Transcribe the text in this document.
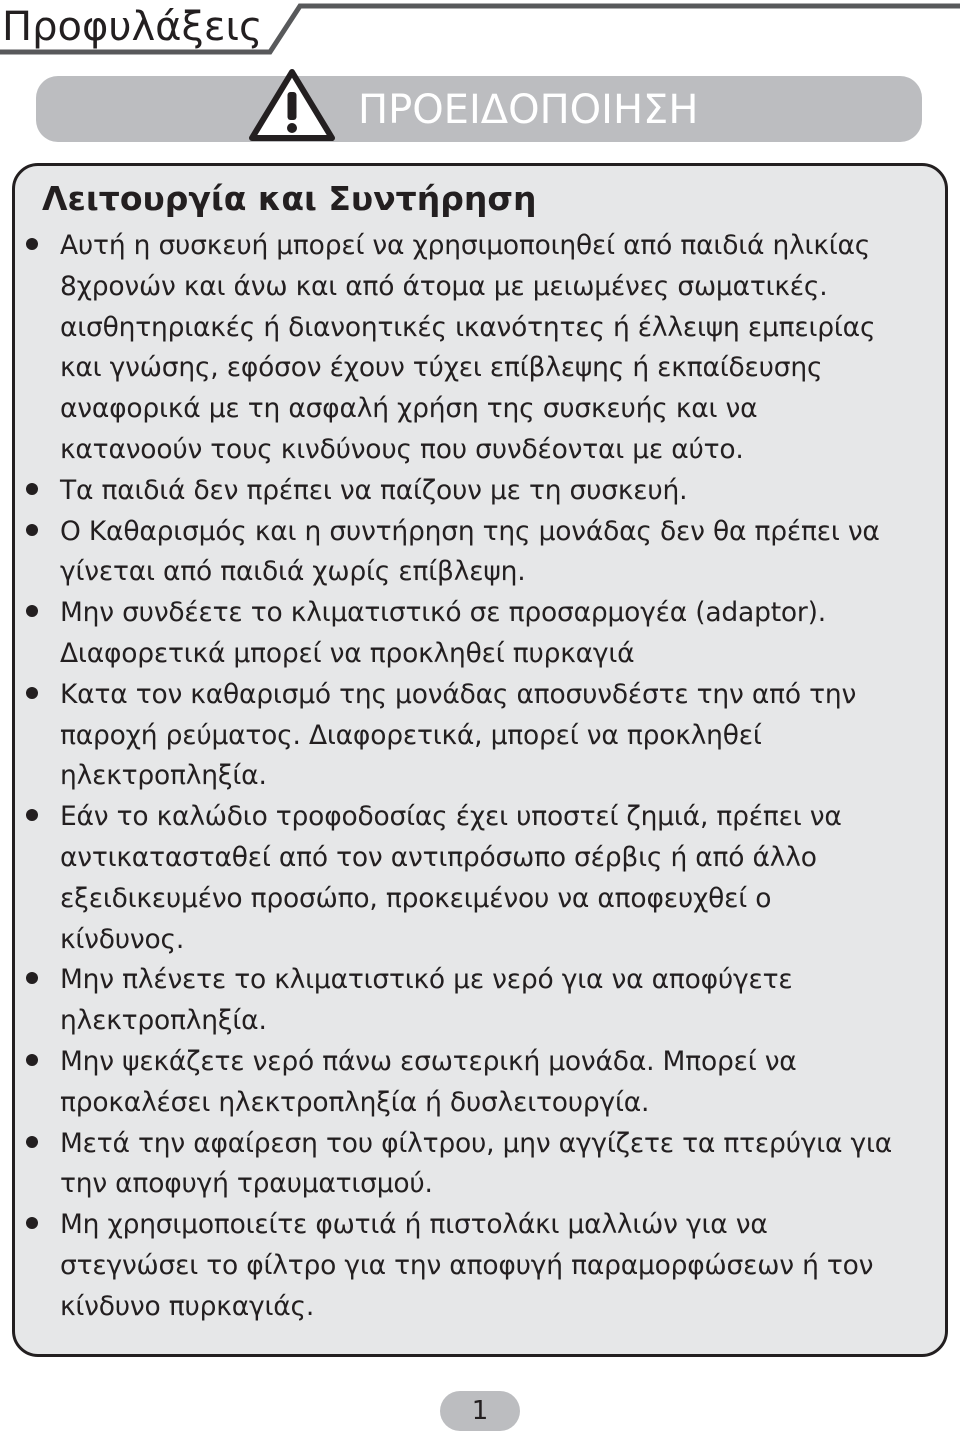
Προφυλάξεις
ΠΡΟΕΙΔΟΠΟΙΗΣΗ
Λειτουργία και Συντήρηση
Αυτή η συσκευή μπορεί να χρησιμοποιηθεί από παιδιά ηλικίας
8χρονών και άνω και από άτομα με μειωμένες σωματικές.
αισθητηριακές ή διανοητικές ικανότητες ή έλλειψη εμπειρίας
και γνώσης, εφόσον έχουν τύχει επίβλεψης ή εκπαίδευσης
αναφορικά με τη ασφαλή χρήση της συσκευής και να
κατανοούν τους κινδύνους που συνδέονται με αύτο.
Τα παιδιά δεν πρέπει να παίζουν με τη συσκευή.
Ο Καθαρισμός και η συντήρηση της μονάδας δεν θα πρέπει να
γίνεται από παιδιά χωρίς επίβλεψη.
Μην συνδέετε το κλιματιστικό σε προσαρμογέα (adaptor).
Διαφορετικά μπορεί να προκληθεί πυρκαγιά
Κατα τον καθαρισμό της μονάδας αποσυνδέστε την από την
παροχή ρεύματος. Διαφορετικά, μπορεί να προκληθεί
ηλεκτροπληξία.
Εάν το καλώδιο τροφοδοσίας έχει υποστεί ζημιά, πρέπει να
αντικατασταθεί από τον αντιπρόσωπο σέρβις ή από άλλο
εξειδικευμένο προσώπο, προκειμένου να αποφευχθεί ο
κίνδυνος.
Μην πλένετε το κλιματιστικό με νερό για να αποφύγετε
ηλεκτροπληξία.
Μην ψεκάζετε νερό πάνω εσωτερική μονάδα. Μπορεί να
προκαλέσει ηλεκτροπληξία ή δυσλειτουργία.
Μετά την αφαίρεση του φίλτρου, μην αγγίζετε τα πτερύγια για
την αποφυγή τραυματισμού.
Μη χρησιμοποιείτε φωτιά ή πιστολάκι μαλλιών για να
στεγνώσει το φίλτρο για την αποφυγή παραμορφώσεων ή τον
κίνδυνο πυρκαγιάς.
1
